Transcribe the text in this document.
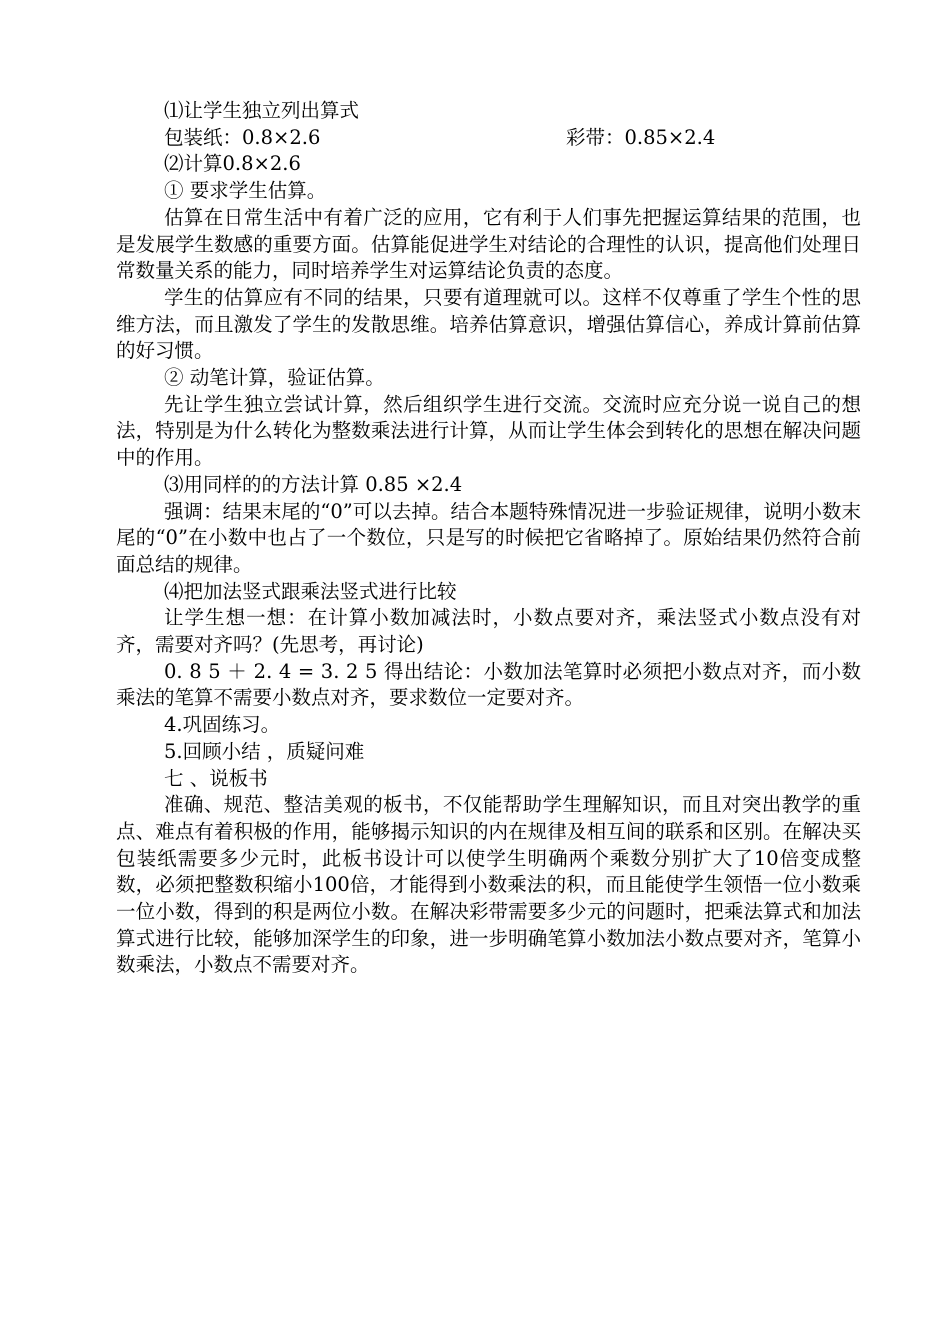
⑴让学生独立列出算式
包装纸：0.8×2.6	彩带：0.85×2.4
⑵计算0.8×2.6
① 要求学生估算。
估算在日常生活中有着广泛的应用，它有利于人们事先把握运算结果的范围，也是发展学生数感的重要方面。估算能促进学生对结论的合理性的认识，提高他们处理日常数量关系的能力，同时培养学生对运算结论负责的态度。
学生的估算应有不同的结果，只要有道理就可以。这样不仅尊重了学生个性的思维方法，而且激发了学生的发散思维。培养估算意识，增强估算信心，养成计算前估算的好习惯。
② 动笔计算，验证估算。
先让学生独立尝试计算，然后组织学生进行交流。交流时应充分说一说自己的想法，特别是为什么转化为整数乘法进行计算，从而让学生体会到转化的思想在解决问题中的作用。
⑶用同样的的方法计算 0.85 ×2.4
强调：结果末尾的“0”可以去掉。结合本题特殊情况进一步验证规律，说明小数末尾的“0”在小数中也占了一个数位，只是写的时候把它省略掉了。原始结果仍然符合前面总结的规律。
⑷把加法竖式跟乘法竖式进行比较
让学生想一想：在计算小数加减法时，小数点要对齐，乘法竖式小数点没有对齐，需要对齐吗？(先思考，再讨论)
0. 8 5 ＋ 2. 4 = 3. 2 5 得出结论：小数加法笔算时必须把小数点对齐，而小数乘法的笔算不需要小数点对齐，要求数位一定要对齐。
4.巩固练习。
5.回顾小结 ，质疑问难
七 、说板书
准确、规范、整洁美观的板书，不仅能帮助学生理解知识，而且对突出教学的重点、难点有着积极的作用，能够揭示知识的内在规律及相互间的联系和区别。在解决买包装纸需要多少元时，此板书设计可以使学生明确两个乘数分别扩大了10倍变成整数，必须把整数积缩小100倍，才能得到小数乘法的积，而且能使学生领悟一位小数乘一位小数，得到的积是两位小数。在解决彩带需要多少元的问题时，把乘法算式和加法算式进行比较，能够加深学生的印象，进一步明确笔算小数加法小数点要对齐，笔算小数乘法，小数点不需要对齐。
